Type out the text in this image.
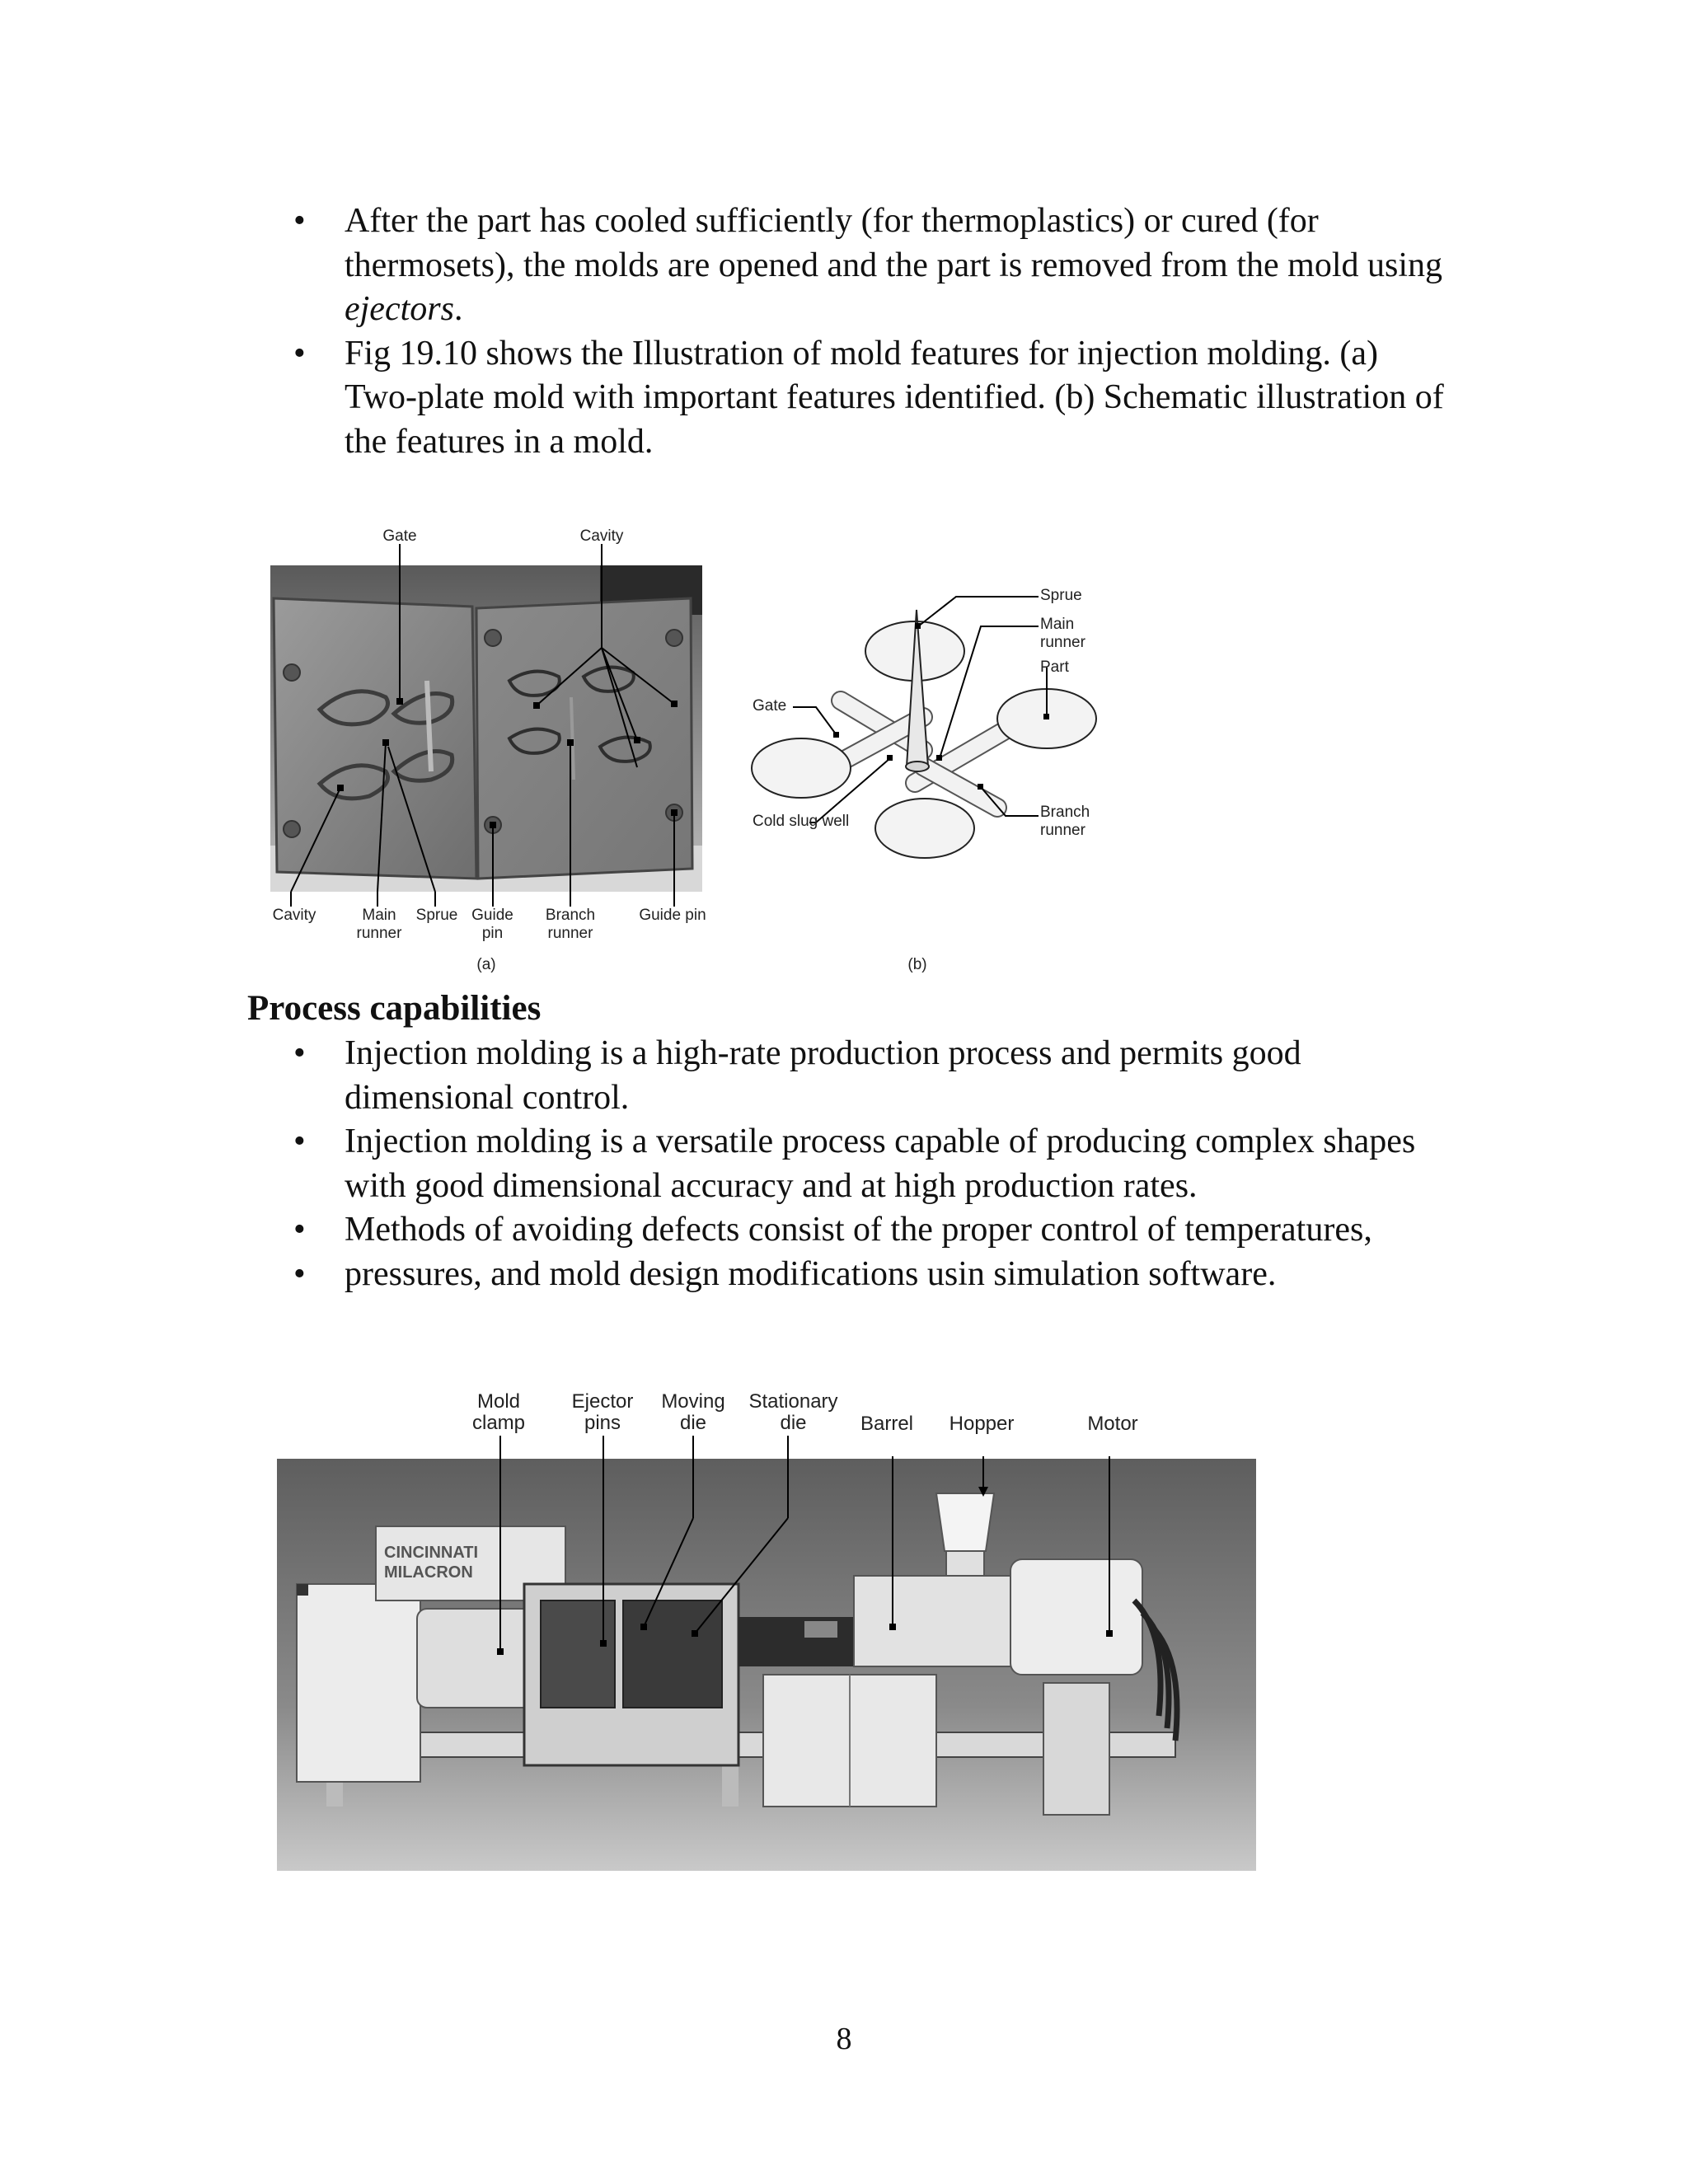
• After the part has cooled sufficiently (for thermoplastics) or cured (for thermosets), the molds are opened and the part is removed from the mold using ejectors.
• Fig 19.10 shows the Illustration of mold features for injection molding. (a) Two-plate mold with important features identified. (b) Schematic illustration of the features in a mold.
Gate	Cavity
Cavity	Main runner
Sprue Guide pin
Branch runner
Guide pin
(a)
Sprue
Main runner
Part
Gate
Cold slug well
Branch runner
(b)
Process capabilities
• Injection molding is a high-rate production process and permits good dimensional control.
• Injection molding is a versatile process capable of producing complex shapes with good dimensional accuracy and at high production rates.
• Methods of avoiding defects consist of the proper control of temperatures,
• pressures, and mold design modifications usin simulation software.
Mold clamp
Ejector pins
Moving die
Stationary die	Barrel	Hopper	Motor
CINCINNATI
MILACRON
8
